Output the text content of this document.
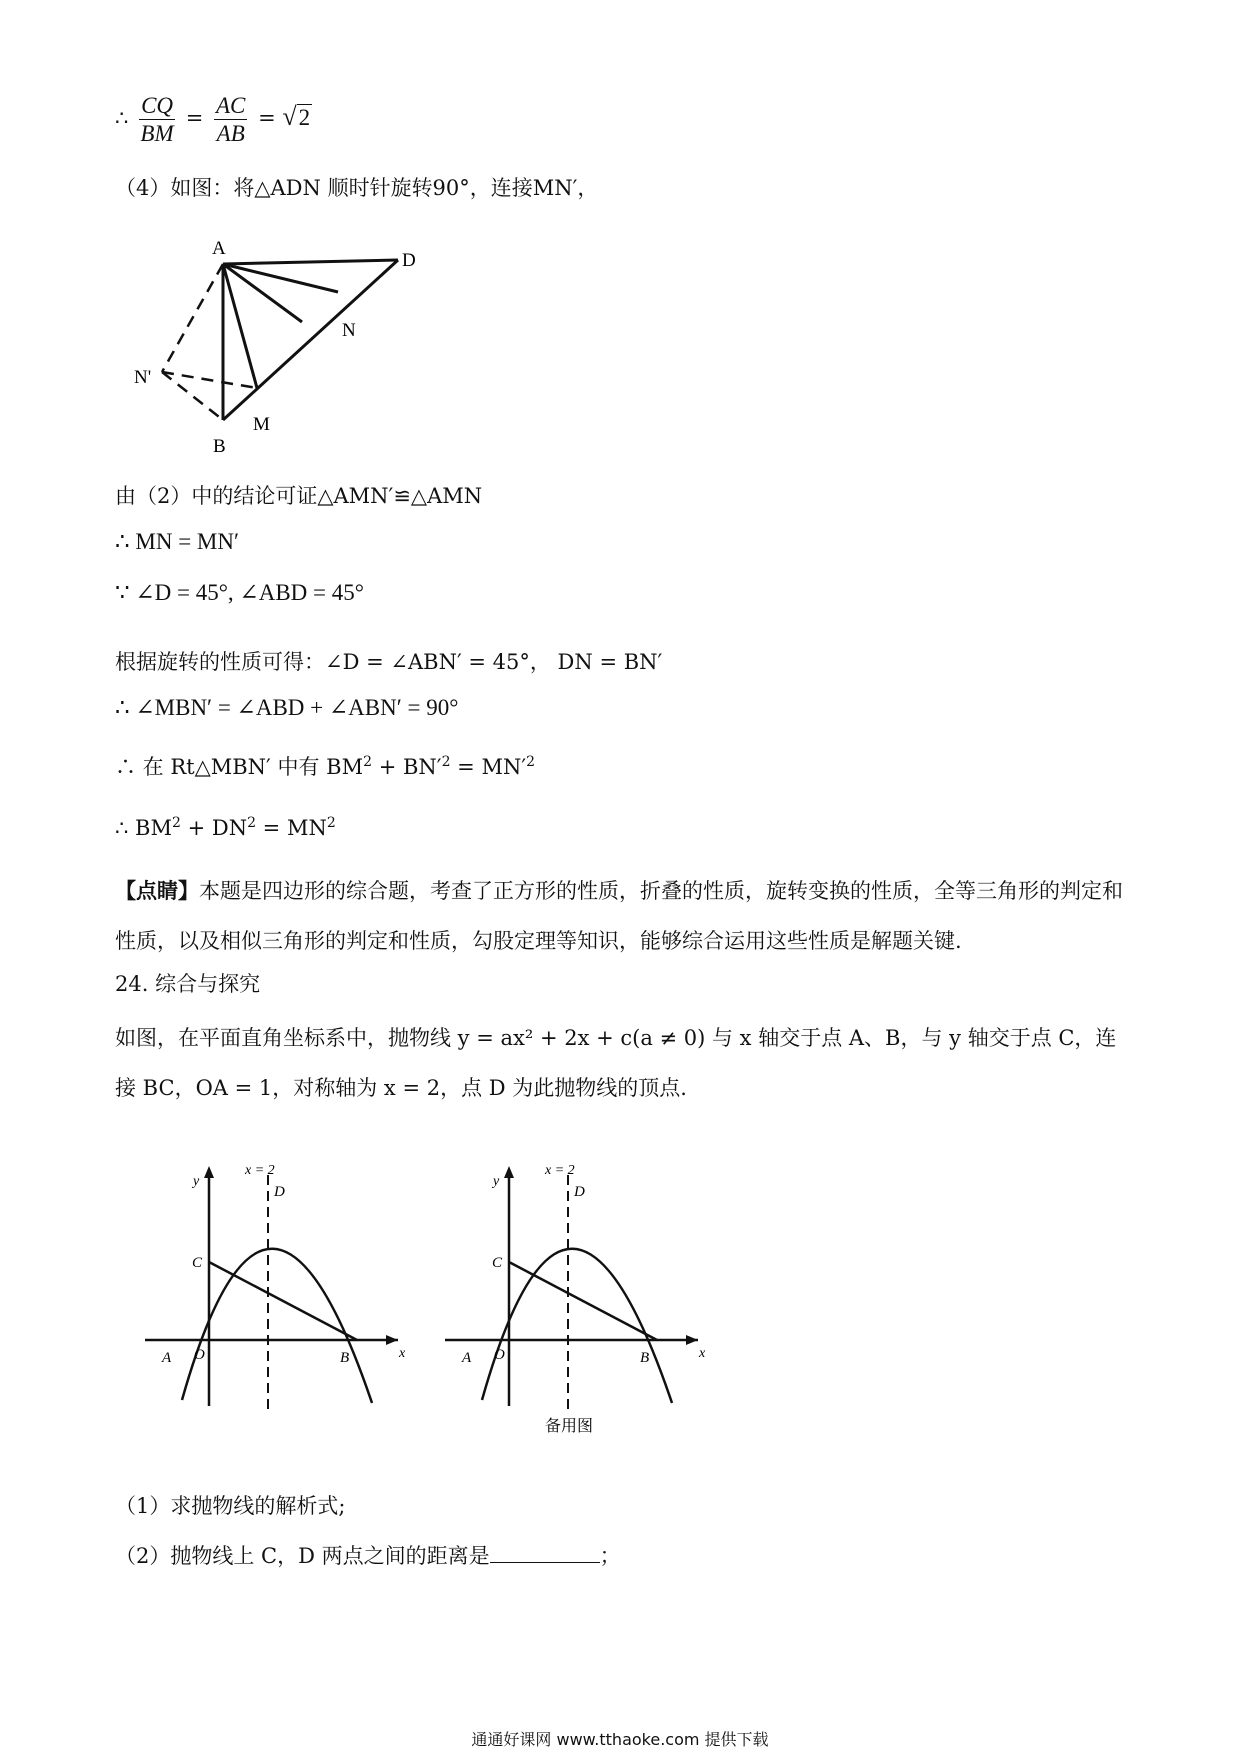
∴ $\frac{CQ}{BM} = \frac{AC}{AB} = √2$
（4）如图：将△ADN 顺时针旋转90°，连接MN′，
A
D
N
N'
M
B
由（2）中的结论可证△AMN′≌△AMN
∴ MN = MN′
∵ ∠D = 45°, ∠ABD = 45°
根据旋转的性质可得：∠D = ∠ABN′ = 45°， DN = BN′
∴ ∠MBN′ = ∠ABD + ∠ABN′ = 90°
∴ 在 Rt△MBN′ 中有 $BM^2 + BN'^2 = MN'^2$
∴ $BM^2 + DN^2 = MN^2$
【点睛】本题是四边形的综合题，考查了正方形的性质，折叠的性质，旋转变换的性质，全等三角形的判定和性质，以及相似三角形的判定和性质，勾股定理等知识，能够综合运用这些性质是解题关键.
24. 综合与探究
如图，在平面直角坐标系中，抛物线 y = ax² + 2x + c(a ≠ 0) 与 x 轴交于点 A、B，与 y 轴交于点 C，连接 BC，OA = 1，对称轴为 x = 2，点 D 为此抛物线的顶点.
x = 2
y
x
A O	B
C
D
x = 2
y
x
A O	B
C
D
备用图
（1）求抛物线的解析式;
（2）抛物线上 C，D 两点之间的距离是	；
通通好课网 www.tthaoke.com 提供下载
